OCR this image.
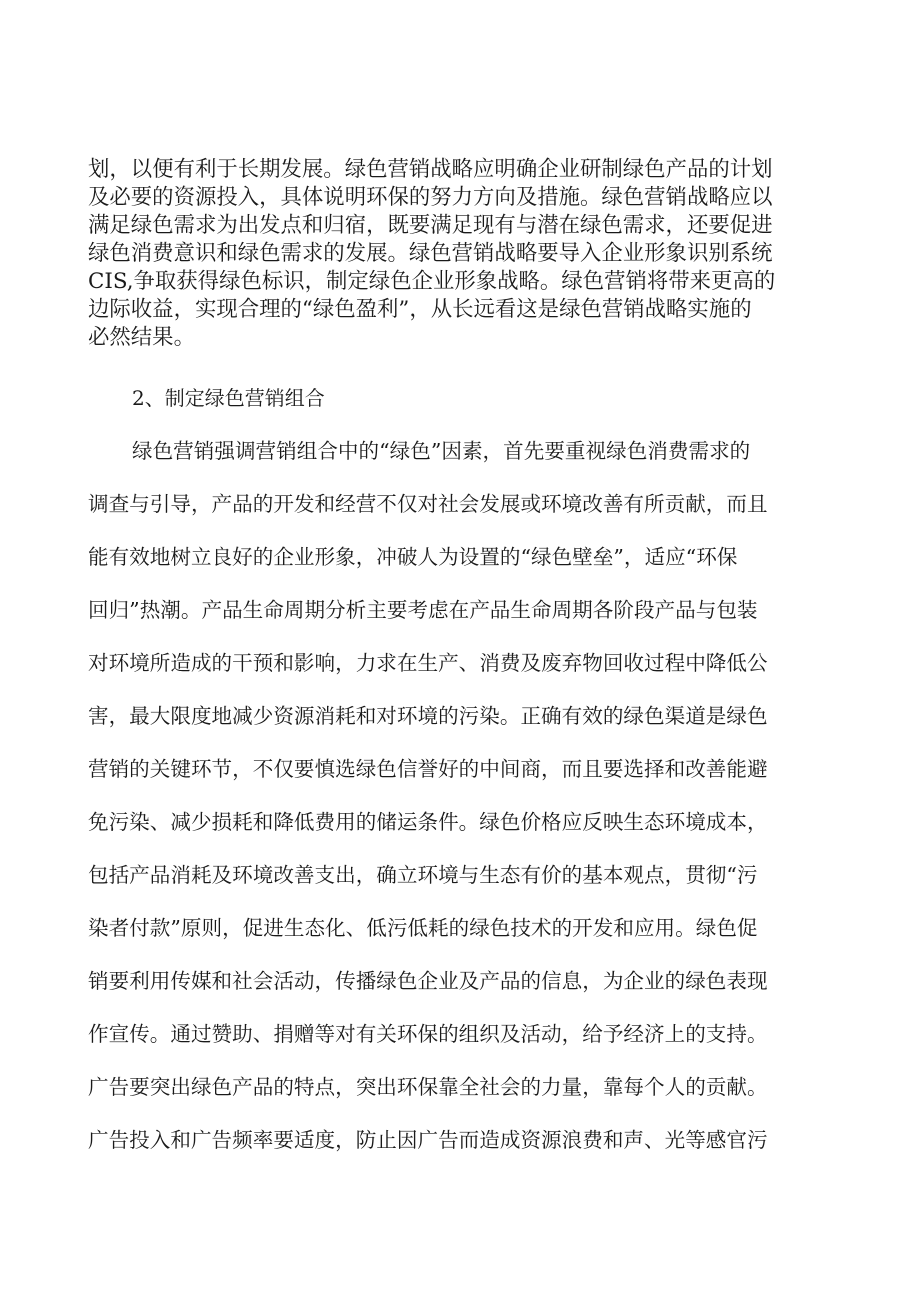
划，以便有利于长期发展。绿色营销战略应明确企业研制绿色产品的计划
及必要的资源投入，具体说明环保的努力方向及措施。绿色营销战略应以
满足绿色需求为出发点和归宿，既要满足现有与潜在绿色需求，还要促进
绿色消费意识和绿色需求的发展。绿色营销战略要导入企业形象识别系统
CIS,争取获得绿色标识，制定绿色企业形象战略。绿色营销将带来更高的
边际收益，实现合理的“绿色盈利”，从长远看这是绿色营销战略实施的
必然结果。
2、制定绿色营销组合
绿色营销强调营销组合中的“绿色”因素，首先要重视绿色消费需求的
调查与引导，产品的开发和经营不仅对社会发展或环境改善有所贡献，而且
能有效地树立良好的企业形象，冲破人为设置的“绿色壁垒”，适应“环保
回归”热潮。产品生命周期分析主要考虑在产品生命周期各阶段产品与包装
对环境所造成的干预和影响，力求在生产、消费及废弃物回收过程中降低公
害，最大限度地减少资源消耗和对环境的污染。正确有效的绿色渠道是绿色
营销的关键环节，不仅要慎选绿色信誉好的中间商，而且要选择和改善能避
免污染、减少损耗和降低费用的储运条件。绿色价格应反映生态环境成本，
包括产品消耗及环境改善支出，确立环境与生态有价的基本观点，贯彻“污
染者付款”原则，促进生态化、低污低耗的绿色技术的开发和应用。绿色促
销要利用传媒和社会活动，传播绿色企业及产品的信息，为企业的绿色表现
作宣传。通过赞助、捐赠等对有关环保的组织及活动，给予经济上的支持。
广告要突出绿色产品的特点，突出环保靠全社会的力量，靠每个人的贡献。
广告投入和广告频率要适度，防止因广告而造成资源浪费和声、光等感官污
